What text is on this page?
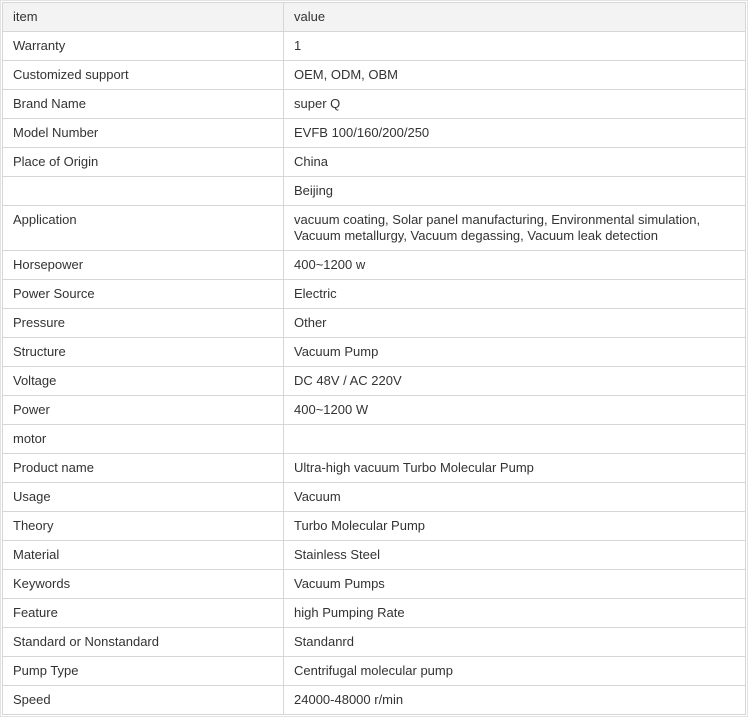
item	value
Warranty	1
Customized support	OEM, ODM, OBM
Brand Name	super Q
Model Number	EVFB 100/160/200/250
Place of Origin	China
	Beijing
Application	vacuum coating, Solar panel manufacturing, Environmental simulation, Vacuum metallurgy, Vacuum degassing, Vacuum leak detection
Horsepower	400~1200 w
Power Source	Electric
Pressure	Other
Structure	Vacuum Pump
Voltage	DC 48V / AC 220V
Power	400~1200 W
motor	
Product name	Ultra-high vacuum Turbo Molecular Pump
Usage	Vacuum
Theory	Turbo Molecular Pump
Material	Stainless Steel
Keywords	Vacuum Pumps
Feature	high Pumping Rate
Standard or Nonstandard	Standanrd
Pump Type	Centrifugal molecular pump
Speed	24000-48000 r/min
